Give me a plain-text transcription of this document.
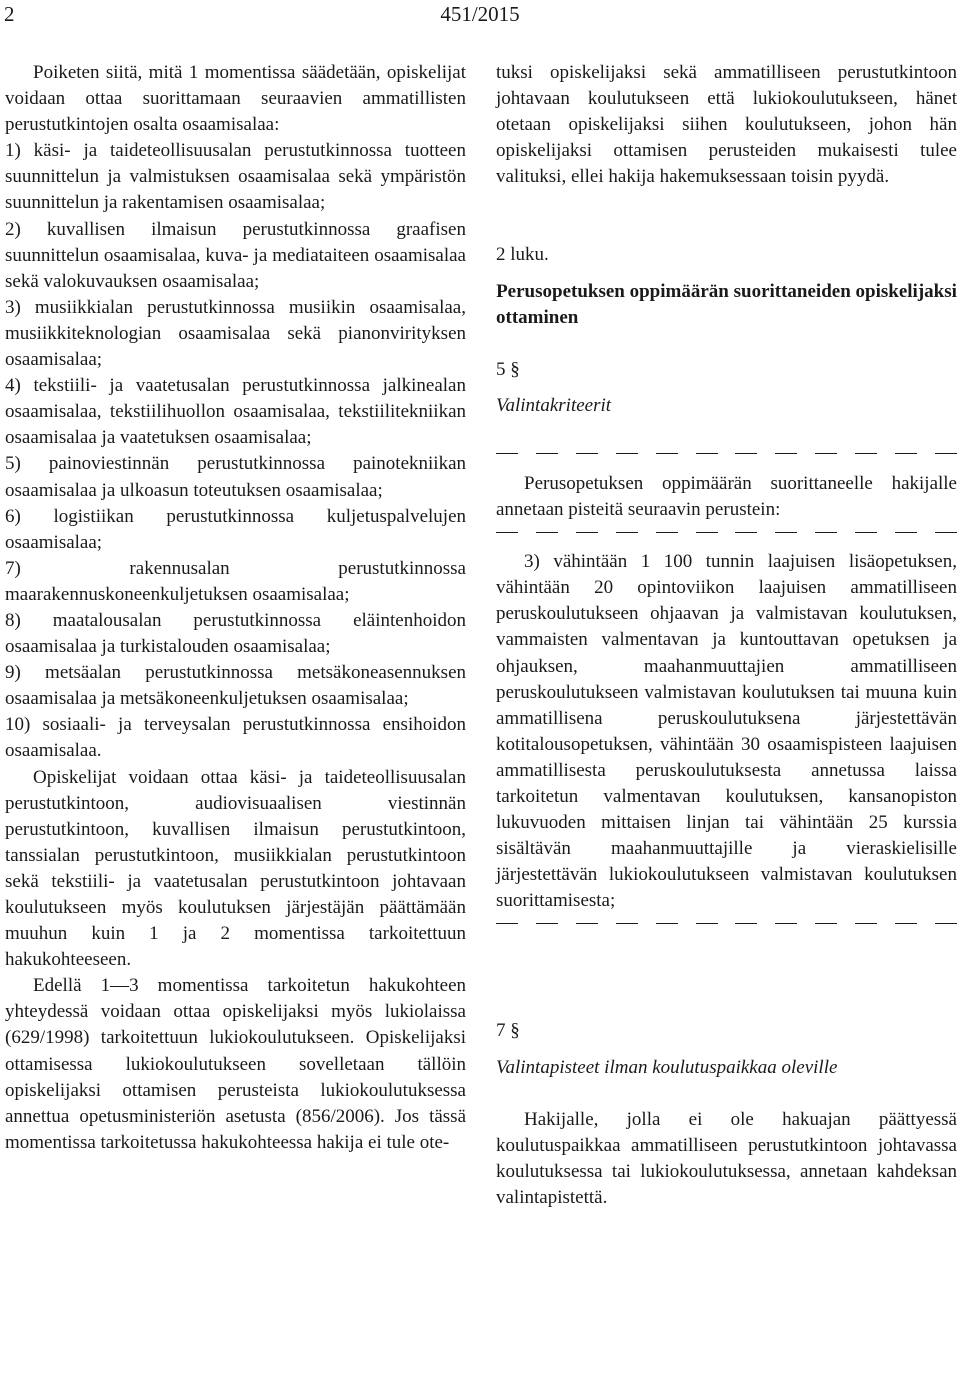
2	451/2015

Poiketen siitä, mitä 1 momentissa säädetään, opiskelijat voidaan ottaa suorittamaan seuraavien ammatillisten perustutkintojen osalta osaamisalaa:

1) käsi- ja taideteollisuusalan perustutkinnossa tuotteen suunnittelun ja valmistuksen osaamisalaa sekä ympäristön suunnittelun ja rakentamisen osaamisalaa;

2) kuvallisen ilmaisun perustutkinnossa graafisen suunnittelun osaamisalaa, kuva- ja mediataiteen osaamisalaa sekä valokuvauksen osaamisalaa;

3) musiikkialan perustutkinnossa musiikin osaamisalaa, musiikkiteknologian osaamisalaa sekä pianonvirityksen osaamisalaa;

4) tekstiili- ja vaatetusalan perustutkinnossa jalkinealan osaamisalaa, tekstiilihuollon osaamisalaa, tekstiilitekniikan osaamisalaa ja vaatetuksen osaamisalaa;

5) painoviestinnän perustutkinnossa painotekniikan osaamisalaa ja ulkoasun toteutuksen osaamisalaa;

6) logistiikan perustutkinnossa kuljetuspalvelujen osaamisalaa;

7) rakennusalan perustutkinnossa maarakennuskoneenkuljetuksen osaamisalaa;

8) maatalousalan perustutkinnossa eläintenhoidon osaamisalaa ja turkistalouden osaamisalaa;

9) metsäalan perustutkinnossa metsäkoneasennuksen osaamisalaa ja metsäkoneenkuljetuksen osaamisalaa;

10) sosiaali- ja terveysalan perustutkinnossa ensihoidon osaamisalaa.

Opiskelijat voidaan ottaa käsi- ja taideteollisuusalan perustutkintoon, audiovisuaalisen viestinnän perustutkintoon, kuvallisen ilmaisun perustutkintoon, tanssialan perustutkintoon, musiikkialan perustutkintoon sekä tekstiili- ja vaatetusalan perustutkintoon johtavaan koulutukseen myös koulutuksen järjestäjän päättämään muuhun kuin 1 ja 2 momentissa tarkoitettuun hakukohteeseen.

Edellä 1—3 momentissa tarkoitetun hakukohteen yhteydessä voidaan ottaa opiskelijaksi myös lukiolaissa (629/1998) tarkoitettuun lukiokoulutukseen. Opiskelijaksi ottamisessa lukiokoulutukseen sovelletaan tällöin opiskelijaksi ottamisen perusteista lukiokoulutuksessa annettua opetusministeriön asetusta (856/2006). Jos tässä momentissa tarkoitetussa hakukohteessa hakija ei tule ote-

tuksi opiskelijaksi sekä ammatilliseen perustutkintoon johtavaan koulutukseen että lukiokoulutukseen, hänet otetaan opiskelijaksi siihen koulutukseen, johon hän opiskelijaksi ottamisen perusteiden mukaisesti tulee valituksi, ellei hakija hakemuksessaan toisin pyydä.

2 luku.

Perusopetuksen oppimäärän suorittaneiden opiskelijaksi ottaminen

5 §

Valintakriteerit

Perusopetuksen oppimäärän suorittaneelle hakijalle annetaan pisteitä seuraavin perustein:

3) vähintään 1 100 tunnin laajuisen lisäopetuksen, vähintään 20 opintoviikon laajuisen ammatilliseen peruskoulutukseen ohjaavan ja valmistavan koulutuksen, vammaisten valmentavan ja kuntouttavan opetuksen ja ohjauksen, maahanmuuttajien ammatilliseen peruskoulutukseen valmistavan koulutuksen tai muuna kuin ammatillisena peruskoulutuksena järjestettävän kotitalousopetuksen, vähintään 30 osaamispisteen laajuisen ammatillisesta peruskoulutuksesta annetussa laissa tarkoitetun valmentavan koulutuksen, kansanopiston lukuvuoden mittaisen linjan tai vähintään 25 kurssia sisältävän maahanmuuttajille ja vieraskielisille järjestettävän lukiokoulutukseen valmistavan koulutuksen suorittamisesta;

7 §

Valintapisteet ilman koulutuspaikkaa oleville

Hakijalle, jolla ei ole hakuajan päättyessä koulutuspaikkaa ammatilliseen perustutkintoon johtavassa koulutuksessa tai lukiokoulutuksessa, annetaan kahdeksan valintapistettä.
